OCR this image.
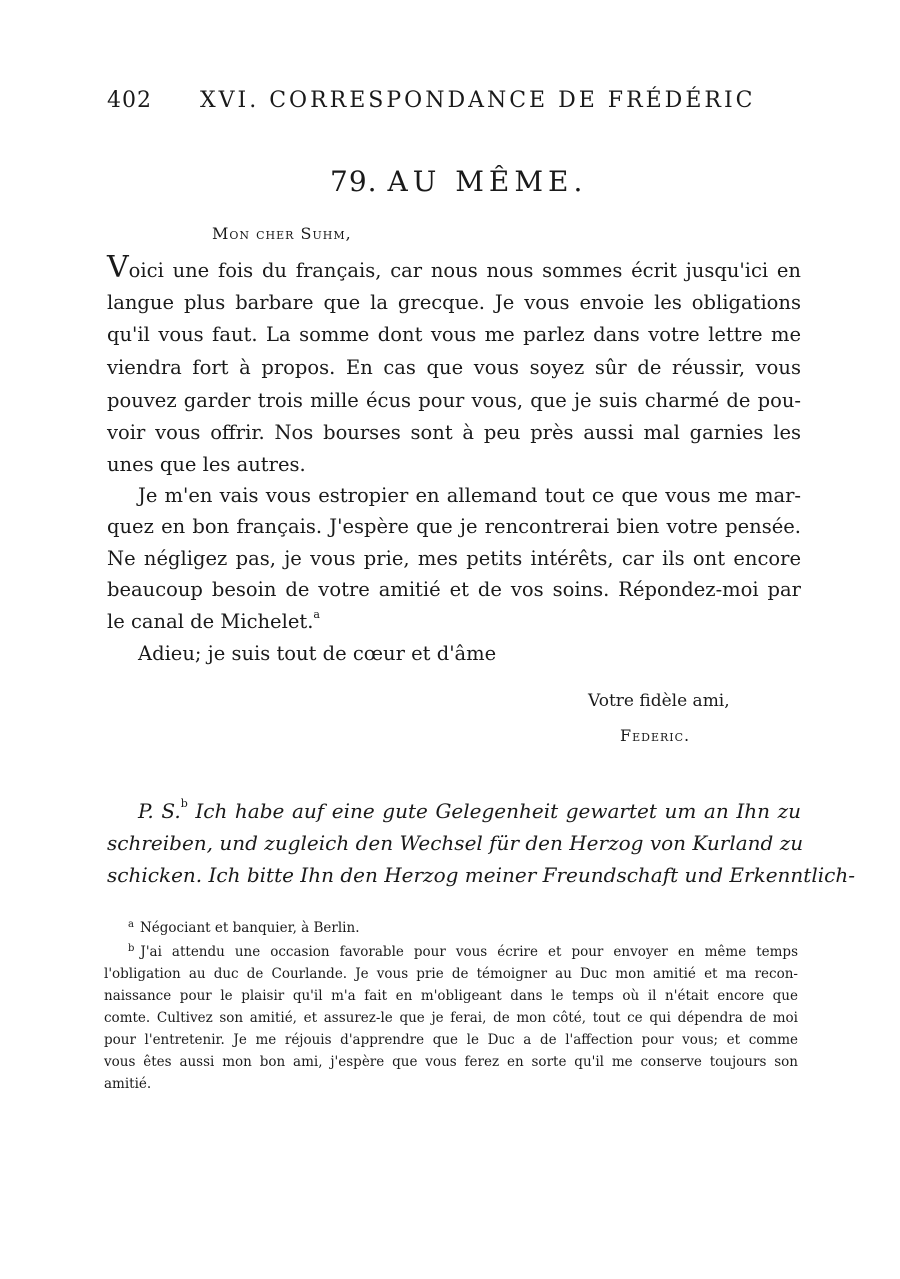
402 XVI. CORRESPONDANCE DE FRÉDÉRIC
79. AU MÊME.
Mon cher Suhm,
Voici une fois du français, car nous nous sommes écrit jusqu'ici en
langue plus barbare que la grecque. Je vous envoie les obligations
qu'il vous faut. La somme dont vous me parlez dans votre lettre me
viendra fort à propos. En cas que vous soyez sûr de réussir, vous
pouvez garder trois mille écus pour vous, que je suis charmé de pou-
voir vous offrir. Nos bourses sont à peu près aussi mal garnies les
unes que les autres.
Je m'en vais vous estropier en allemand tout ce que vous me mar-
quez en bon français. J'espère que je rencontrerai bien votre pensée.
Ne négligez pas, je vous prie, mes petits intérêts, car ils ont encore
beaucoup besoin de votre amitié et de vos soins. Répondez-moi par
le canal de Michelet.$^a$
Adieu; je suis tout de cœur et d'âme
Votre fidèle ami,
Federic.
P. S.$^b$ Ich habe auf eine gute Gelegenheit gewartet um an Ihn zu
schreiben, und zugleich den Wechsel für den Herzog von Kurland zu
schicken. Ich bitte Ihn den Herzog meiner Freundschaft und Erkenntlich-
$^a$ Négociant et banquier, à Berlin.
$^b$ J'ai attendu une occasion favorable pour vous écrire et pour envoyer en même temps
l'obligation au duc de Courlande. Je vous prie de témoigner au Duc mon amitié et ma recon-
naissance pour le plaisir qu'il m'a fait en m'obligeant dans le temps où il n'était encore que
comte. Cultivez son amitié, et assurez-le que je ferai, de mon côté, tout ce qui dépendra de moi
pour l'entretenir. Je me réjouis d'apprendre que le Duc a de l'affection pour vous; et comme
vous êtes aussi mon bon ami, j'espère que vous ferez en sorte qu'il me conserve toujours son
amitié.
